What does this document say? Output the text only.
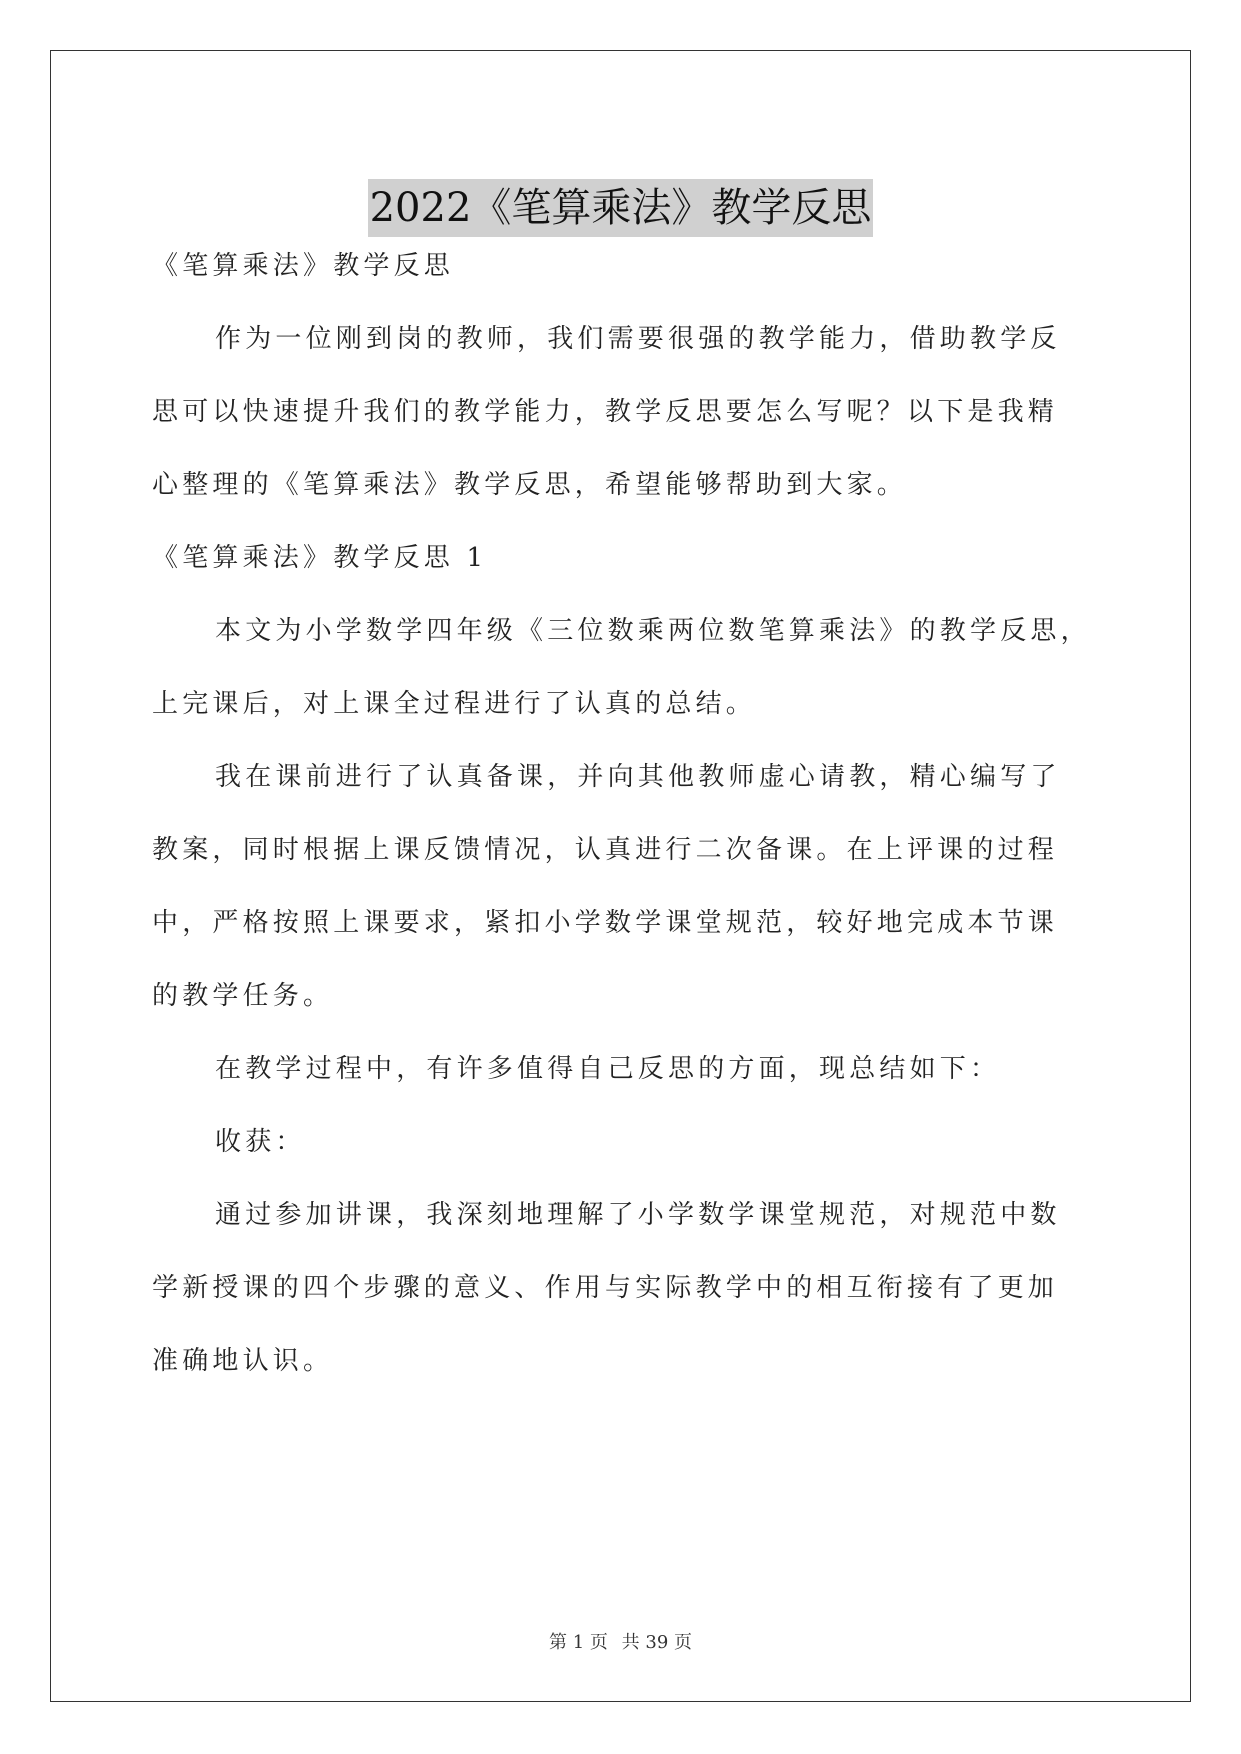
2022《笔算乘法》教学反思

《笔算乘法》教学反思

作为一位刚到岗的教师，我们需要很强的教学能力，借助教学反

思可以快速提升我们的教学能力，教学反思要怎么写呢？以下是我精

心整理的《笔算乘法》教学反思，希望能够帮助到大家。

《笔算乘法》教学反思 1

本文为小学数学四年级《三位数乘两位数笔算乘法》的教学反思，

上完课后，对上课全过程进行了认真的总结。

我在课前进行了认真备课，并向其他教师虚心请教，精心编写了

教案，同时根据上课反馈情况，认真进行二次备课。在上评课的过程

中，严格按照上课要求，紧扣小学数学课堂规范，较好地完成本节课

的教学任务。

在教学过程中，有许多值得自己反思的方面，现总结如下：

收获：

通过参加讲课，我深刻地理解了小学数学课堂规范，对规范中数

学新授课的四个步骤的意义、作用与实际教学中的相互衔接有了更加

准确地认识。

第 1 页 共 39 页
